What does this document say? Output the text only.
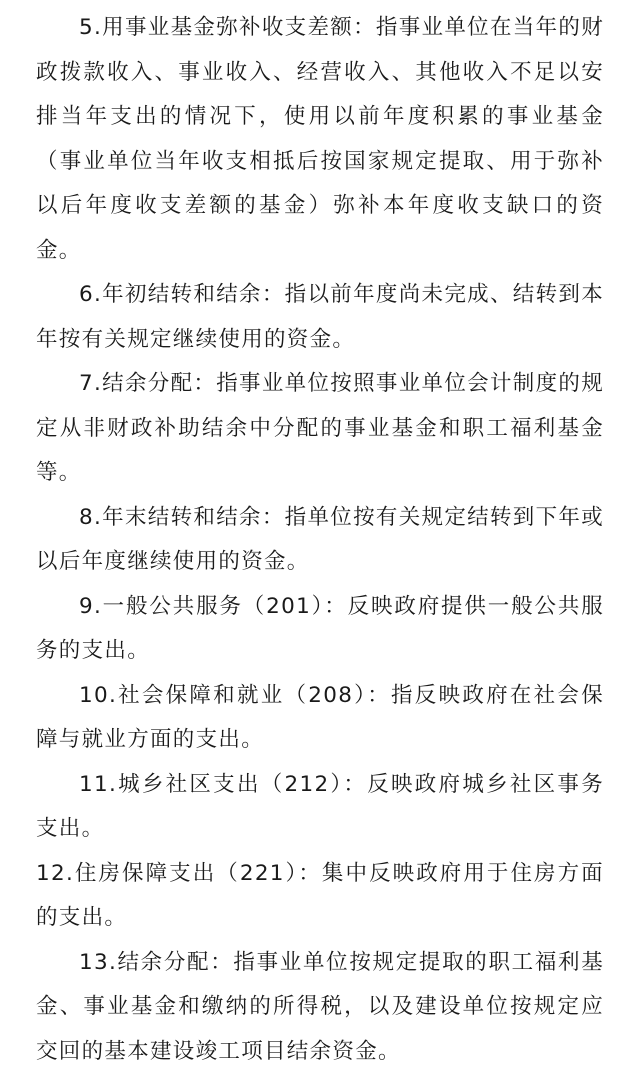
5.用事业基金弥补收支差额：指事业单位在当年的财政拨款收入、事业收入、经营收入、其他收入不足以安排当年支出的情况下，使用以前年度积累的事业基金（事业单位当年收支相抵后按国家规定提取、用于弥补以后年度收支差额的基金）弥补本年度收支缺口的资金。

6.年初结转和结余：指以前年度尚未完成、结转到本年按有关规定继续使用的资金。

7.结余分配：指事业单位按照事业单位会计制度的规定从非财政补助结余中分配的事业基金和职工福利基金等。

8.年末结转和结余：指单位按有关规定结转到下年或以后年度继续使用的资金。

9.一般公共服务（201）：反映政府提供一般公共服务的支出。

10.社会保障和就业（208）：指反映政府在社会保障与就业方面的支出。

11.城乡社区支出（212）：反映政府城乡社区事务支出。

12.住房保障支出（221）：集中反映政府用于住房方面的支出。

13.结余分配：指事业单位按规定提取的职工福利基金、事业基金和缴纳的所得税，以及建设单位按规定应交回的基本建设竣工项目结余资金。
